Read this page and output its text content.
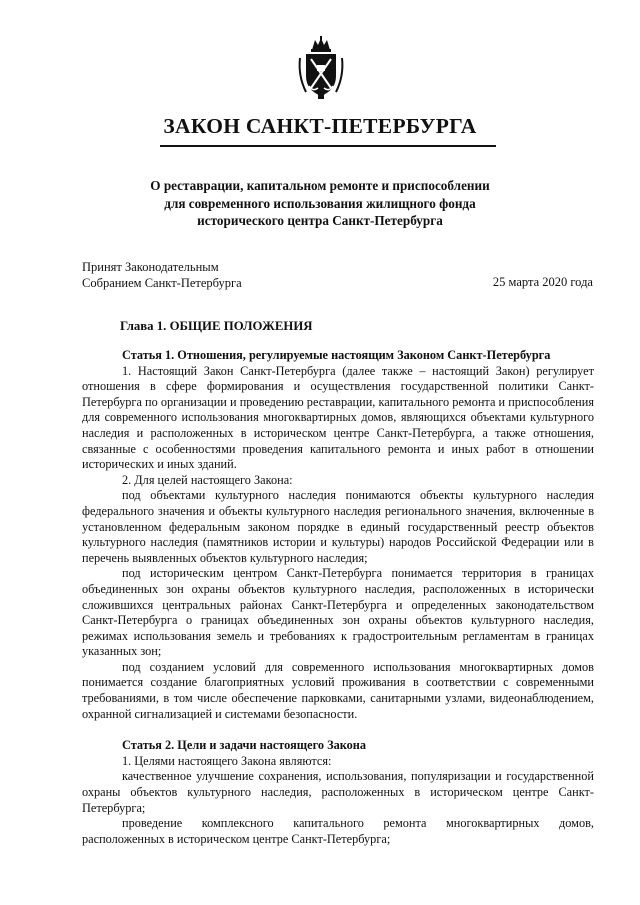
ЗАКОН САНКТ-ПЕТЕРБУРГА
О реставрации, капитальном ремонте и приспособлении
для современного использования жилищного фонда
исторического центра Санкт-Петербурга
Принят Законодательным
Собранием Санкт-Петербурга	25 марта 2020 года
Глава 1. ОБЩИЕ ПОЛОЖЕНИЯ

Статья 1. Отношения, регулируемые настоящим Законом Санкт-Петербурга

1. Настоящий Закон Санкт-Петербурга (далее также – настоящий Закон) регулирует отношения в сфере формирования и осуществления государственной политики Санкт-Петербурга по организации и проведению реставрации, капитального ремонта и приспособления для современного использования многоквартирных домов, являющихся объектами культурного наследия и расположенных в историческом центре Санкт-Петербурга, а также отношения, связанные с особенностями проведения капитального ремонта и иных работ в отношении исторических и иных зданий.

2. Для целей настоящего Закона:

под объектами культурного наследия понимаются объекты культурного наследия федерального значения и объекты культурного наследия регионального значения, включенные в установленном федеральным законом порядке в единый государственный реестр объектов культурного наследия (памятников истории и культуры) народов Российской Федерации или в перечень выявленных объектов культурного наследия;

под историческим центром Санкт-Петербурга понимается территория в границах объединенных зон охраны объектов культурного наследия, расположенных в исторически сложившихся центральных районах Санкт-Петербурга и определенных законодательством Санкт-Петербурга о границах объединенных зон охраны объектов культурного наследия, режимах использования земель и требованиях к градостроительным регламентам в границах указанных зон;

под созданием условий для современного использования многоквартирных домов понимается создание благоприятных условий проживания в соответствии с современными требованиями, в том числе обеспечение парковками, санитарными узлами, видеонаблюдением, охранной сигнализацией и системами безопасности.

Статья 2. Цели и задачи настоящего Закона

1. Целями настоящего Закона являются:

качественное улучшение сохранения, использования, популяризации и государственной охраны объектов культурного наследия, расположенных в историческом центре Санкт-Петербурга;

проведение комплексного капитального ремонта многоквартирных домов, расположенных в историческом центре Санкт-Петербурга;
